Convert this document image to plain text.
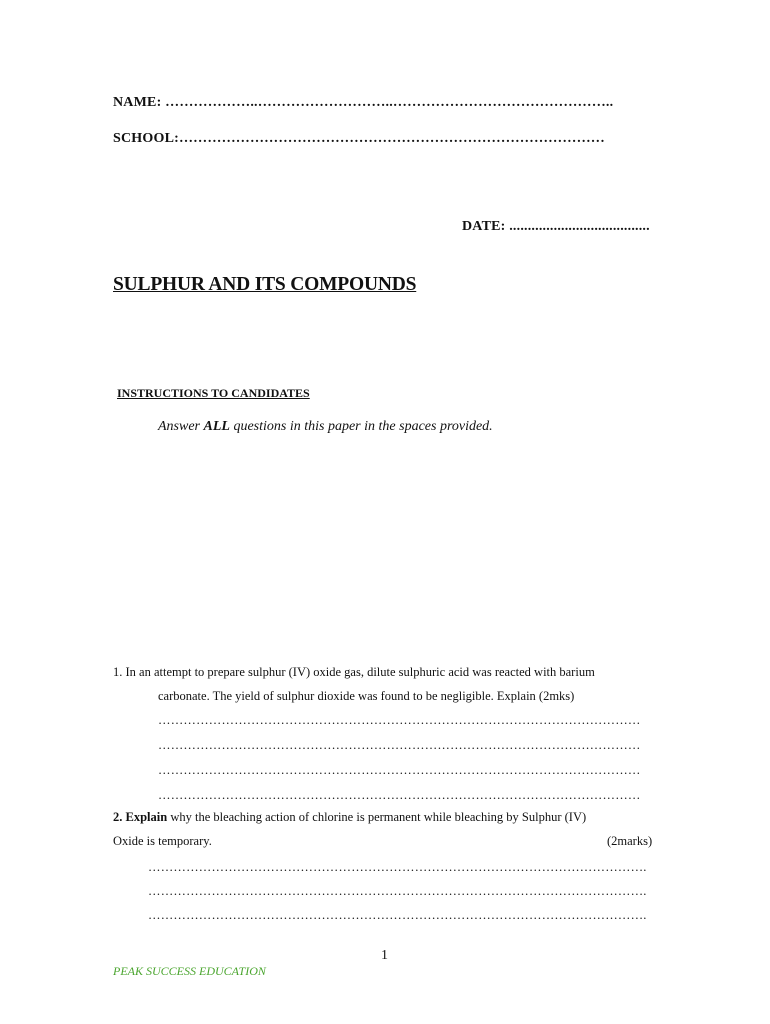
NAME: ………………..………………………..………………………………………..
SCHOOL:………………………………………………………………………………
DATE: ......................................
SULPHUR AND ITS COMPOUNDS
INSTRUCTIONS TO CANDIDATES
Answer ALL questions in this paper in the spaces provided.
1. In an attempt to prepare sulphur (IV) oxide gas, dilute sulphuric acid was reacted with barium
carbonate. The yield of sulphur dioxide was found to be negligible. Explain (2mks)
……………………………………………………………………………………………………
……………………………………………………………………………………………………
……………………………………………………………………………………………………
……………………………………………………………………………………………………
2. Explain why the bleaching action of chlorine is permanent while bleaching by Sulphur (IV)
Oxide is temporary.	(2marks)
……………………………………………………………………………………………………….
……………………………………………………………………………………………………….
……………………………………………………………………………………………………….
1
PEAK SUCCESS EDUCATION
